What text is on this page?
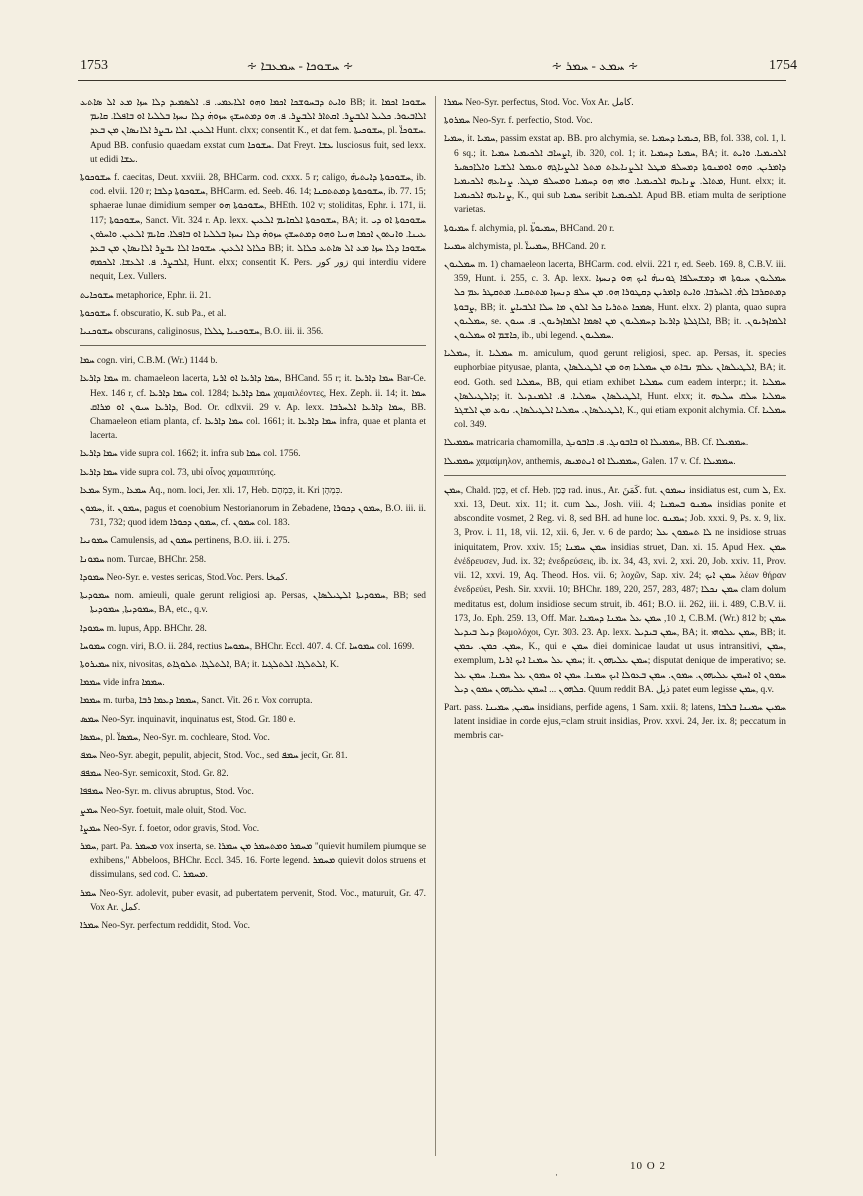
1753	∻ ܚܫܘܟܐ - ܚܡܥܒܐ ∻	∻ ܚܡܥ - ܚܡܪ ∻	1754

ܘܐܝܬ ܕܒܚܘܫܟܐ ܐܟܡܐ ܘܗܘ ܐܠܐܥܡܝ. ܦ. ܐܠܣܡܝܕ ܕܠܐ ܚܙܐ ܡܥ ܐܠ ܣܐܬܥ BB; it. ܚܫܘܟܐ ܐܟܡܐ ܐܠܐܒܝܘܪ. ܟܠܝܠ ܐܠܒܨܪ. ܐܩܬܐܪ ܐܠܒܨܪ. ܦ. ܗܘ ܕܡܬܚܫܟ ܚܙܘܗ̇ ܕܠܐ ܢܚܙܐ ܒܠܠܝܐ ܐܘ ܒܐܦܠܐ. ܩܐܝܡ ܐܠܥܝܢ. ܐܠܐ ܝܒܨܪ ܐܠܐܢܣܐܢ ܡܢ ܒܥܕ Hunt. clxx; consentit K., et dat fem. ܚܫܘܟܝܬܐ, pl. ܚܫܘܟܐ̈. Apud BB. confusio quaedam exstat cum ܚܫܘܟܐ. Dat Freyt. ܥܫܐ lusciosus fuit, sed lexx. ut edidi ܥܫܐ.

ܚܫܘܟܘܬܐ f. caecitas, Deut. xxviii. 28, BHCarm. cod. cxxx. 5 r; caligo, ܚܫܘܟܘܬܐ ܕܐܝܬܝܗ̇, ib. cod. elvii. 120 r; ܚܫܘܟܘܬܐ ܕܠܒܐ, BHCarm. ed. Seeb. 46. 14; ܚܫܘܟܘܬܐ ܕܡܬܬܩܢܐ, ib. 77. 15; sphaerae lunae dimidium semper ܚܫܘܟܘܬܐ ܗܘ, BHEth. 102 v; stoliditas, Ephr. i. 171, ii. 117; ܚܫܘܟܘܬܐ, Sanct. Vit. 324 r. Ap. lexx. ܚܫܘܟܘܬܐ ܐܠܩܐܝܡ ܐܠܥܝܢ, BA; it. ܚܫܘܟܘܬܐ ܐܘ ܕܝ ܥܝܢܐ. ܘܐܢܬܘܢ ܐܟܡܐ ܗܢܝܐ ܘܗܘ ܕܡܬܚܫܟ ܚܙܘܗ̇ ܕܠܐ ܢܚܙܐ ܒܠܠܝܐ ܐܘ ܒܐܦܠܐ. ܩܐܝܡ ܐܠܥܝܢ. ܘܐܚܪܘܢ ܟܠܐܠ ܐܠܥܝܢ. ܚܫܘܟܐ ܐܠܐ ܝܒܨܪ ܐܠܐܢܣܐܢ ܡܢ ܒܥܕ BB; it. ܚܫܘܟܐ ܕܠܐ ܚܙܐ ܡܥ ܐܠ ܣܐܬܥ ܟܠܐܠ ܐܠܒܨܪ. ܦ. ܐܠܥܫܐ. ܐܠܟܡܗ, Hunt. elxx; consentit K. Pers. زور كور qui interdiu videre nequit, Lex. Vullers.

ܚܫܘܟܐܝܬ metaphorice, Ephr. ii. 21.

ܚܫܘܟܘܬܐ f. obscuratio, K. sub Pa., et al.

ܚܫܘܟܢܝܐ obscurans, caliginosus, ܚܫܘܟܢܝܐ ܛܠܠܐ, B.O. iii. ii. 356.

ܚܡܐ cogn. viri, C.B.M. (Wr.) 1144 b.

ܚܡܐ ܕܐܪܥܐ m. chamaeleon lacerta, ܚܡܐ ܕܐܪܥܐ ܐܘ ܐܪܝܐ, BHCand. 55 r; it. ܚܡܐ ܕܐܪܥܐ Bar-Ce. Hex. 146 r, cf. ܚܡܐ ܕܐܪܥܐ col. 1284; ܚܡܐ ܕܐܪܥܐ χαμαιλέοντες, Hex. Zeph. ii. 14; it. ܚܡܐ ܕܐܪܥܐ ܚܝܘܢ ܐܘ ܡܪܐܩ, Bod. Or. cdlxvii. 29 v. Ap. lexx. ܚܡܐ ܕܐܪܥܐ ܐܠܚܪܒܐ, BB. Chamaeleon etiam planta, cf. ܚܡܐ ܕܐܪܥܐ col. 1661; it. ܚܡܐ ܕܐܪܥܐ infra, quae et planta et lacerta.

ܚܡܐ ܕܐܪܥܐ vide supra col. 1662; it. infra sub ܚܡܐ col. 1756.

ܚܡܐ ܕܐܪܥܐ vide supra col. 73, ubi οἶνος χαμαιπιτύης.

ܚܡܥܐ Sym., ܚܡܥܐ Aq., nom. loci, Jer. xli. 17, Heb. כִּמְהָם, it. Kri כִּמְהָן.

ܚܡܘܢ, it. ܚܡܘܢ, pagus et coenobium Nestorianorum in Zebadene, ܚܡܘܢ ܕܟܘܪܐ, B.O. iii. ii. 731, 732; quod idem ܚܡܘܢ ܕܟܘܪܐ, cf. ܚܡܘܢ col. 183.

ܚܡܘܢܝܐ Camulensis, ad ܚܡܘܢ pertinens, B.O. iii. i. 275.

ܚܡܘܢܐ nom. Turcae, BHChr. 258.

ܚܡܘܕܐ Neo-Syr. e. vestes sericas, Stod.Voc. Pers. كمخا.

ܚܡܘܕܝܬܐ nom. amieuli, quale gerunt religiosi ap. Persas, ܚܡܘܕܝܬܐ ܐܠܛܝܠܣܐܢ, BB; sed ܚܡܘܕܝܬܐ, ܚܡܘܕܝܬܐ, BA, etc., q.v.

ܚܡܘܕܐ m. lupus, App. BHChr. 28.

ܚܡܘܚܐ cogn. viri, B.O. ii. 284, rectius ܚܡܘܚܐ, BHChr. Eccl. 407. 4. Cf. ܚܡܘܚܐ col. 1699.

ܚܡܝܪܘܬܐ nix, nivositas, ܐܠܬܠܓܐ. ܬܠܘܓܐܬ, BA; it. ܐܠܬܠܓܐ. ܐܠܬܠܓܝܐ, K.

ܚܡܡܐ vide infra ܚܡܡܐ.

ܚܡܡܐ m. turba, ܚܡܡܐ ܕܥܡܐ ܪܒܐ, Sanct. Vit. 26 r. Vox corrupta.

ܚܡܣ Neo-Syr. inquinavit, inquinatus est, Stod. Gr. 180 e.

ܚܡܣܐ, pl. ܚܡܣܐ̈, Neo-Syr. m. cochleare, Stod. Voc.

ܚܡܦ Neo-Syr. abegit, pepulit, abjecit, Stod. Voc., sed ܚܡܦ jecit, Gr. 81.

ܚܡܦܦ Neo-Syr. semicoxit, Stod. Gr. 82.

ܚܡܦܦܐ Neo-Syr. m. clivus abruptus, Stod. Voc.

ܚܡܨ Neo-Syr. foetuit, male oluit, Stod. Voc.

ܚܡܨܐ Neo-Syr. f. foetor, odor gravis, Stod. Voc.

ܚܡܪ, part. Pa. ܡܚܡܪ vox inserta, se. ܡܚܡܪ ܘܡܬܚܡܪ ܡܢ ܚܡܪܐ "quievit humilem piumque se exhibens," Abbeloos, BHChr. Eccl. 345. 16. Forte legend. ܡܚܡܪ quievit dolos struens et dissimulans, sed cod. C. ܡܚܡܪ.

ܚܡܪ Neo-Syr. adolevit, puber evasit, ad pubertatem pervenit, Stod. Voc., maturuit, Gr. 47. Vox Ar. كمل.

ܚܡܪܐ Neo-Syr. perfectum reddidit, Stod. Voc.

ܚܡܪܐ Neo-Syr. perfectus, Stod. Voc. Vox Ar. كامل.

ܚܡܪܘܬܐ Neo-Syr. f. perfectio, Stod. Voc.

ܚܡܝܐ, it. ܚܡܝܐ, passim exstat ap. BB. pro alchymia, se. ܟܝܡܝܐ ܕܚܡܝܐ, BB, fol. 338, col. 1, l. 6 sq.; it. ܐܨܚܐܒ ܐܠܟܝܡܝܐ ܚܡܝܐ, ib. 320, col. 1; it. ܚܡܝܐ ܕܚܡܝܐ, BA; it. ܐܠܟܝܡܝܐ. ܘܐܝܬ ܕܐܡܪܝܢ. ܘܗܘ ܐܘܡܢܘܬܐ ܕܡܚܠܦ ܡܛܠ ܐܠܨܢܐܥܐܬ ܡܬܠ ܐܠܨܝܐܓܗ ܘܥܡܠ ܐܠܫܝܐ ܘܐܠܐܟܣܝܪ ܡܬܐܠ. ܨܢܐܥܗ ܐܠܟܝܡܝܐ. ܘܗܝ ܗܘ ܕܚܡܝܐ ܘܡܚܠܦ ܡܛܠ. ܨܢܐܥܗ ܐܠܟܝܡܝܐ, Hunt. elxx; it. ܨܢܐܥܗ ܐܠܟܝܡܝܐ, K., qui sub ܚܡܝܐ seribit ܐܠܟܝܡܝܐ. Apud BB. etiam multa de seriptione varietas.

ܚܡܝܘܬܐ f. alchymia, pl. ܚܡܝܘܬܐ̈, BHCand. 20 r.

ܚܡܝܝܐ alchymista, pl. ܚܡܝܝܐ̈, BHCand. 20 r.

ܚܡܠܝܘܢ m. 1) chamaeleon lacerta, BHCarm. cod. elvii. 221 r, ed. Seeb. 169. 8, C.B.V. iii. 359, Hunt. i. 255, c. 3. Ap. lexx. ܚܡܠܝܘܢ ܚܝܘܬܐ ܗܝ ܕܡܫܚܠܦܐ ܓܘܢܝܗ̇ ܐܝܟ ܗܘ ܕܢܚܙܐ ܕܡܬܩܪܒܐ ܠܗ̇. ܐܠܚܪܒܐ. ܘܐܝܬ ܕܐܡܪܝܢ ܕܩܛܘܪܐ ܗܘ. ܡܢ ܚܠܦ ܕܢܚܙܐ ܡܬܬܩܢܐ. ܡܬܩܛܪ ܥܡ ܟܠ ܨܒܘܬܐ, BB; it. ܣܡܟܐ ܬܬܪܝܐ ܟܠ ܐܠܘܢ ܡܐ ܚܠܐ ܐܠܒܝܐܨ, Hunt. elxx. 2) planta, quao supra ܚܡܠܝܘܢ, se. ܐܠܐܓܠܬܐ ܕܐܪܥܐ ܕܚܡܠܝܘܢ ܡܢ ܐܣܡܐ ܐܠܡܐܙܪܝܘܢ. ܦ. ܚܝܘܢ, BB; it. ܐܠܡܐܙܪܝܘܢ. ܟܐܫܡ ܐܘ ܚܡܠܝܘܢ, ib., ubi legend. ܚܡܠܝܘܢ.

ܚܡܠܝܐ, it. ܚܡܠܝܐ m. amiculum, quod gerunt religiosi, spec. ap. Persas, it. species euphorbiae pityusae, planta, ܐܠܛܝܠܣܐܢ ܥܠܡ ܢܒܐܬ ܡܢ ܚܡܠܝܐ ܗܘ ܡܢ ܐܠܛܝܠܣܐܢ, BA; it. eod. Goth. sed ܚܡܠܝܐ, BB, qui etiam exhibet ܚܡܠܝܐ cum eadem interpr.; it. ܚܡܠܝܐ ܕܐܠܛܝܠܣܐܢ; it. ܐܠܛܝܠܣܐܢ ܚܡܠܝܐ. ܦ. ܐܠܡܢܕܝܠ, Hunt. elxx; it. ܚܡܠܝܐ ܚܠܩ ܚܠܥܗ ܐܠܛܝܠܣܐܢ. ܚܡܠܝܐ ܐܠܛܝܠܣܐܢ. ܢܘܥ ܡܢ ܐܠܫܓܪ, K., qui etiam exponit alchymia. Cf. ܚܡܠܝܐ col. 349.

ܚܡܡܝܠܐ matricaria chamomilla, ܚܡܡܝܠܐ ܐܘ ܒܐܒܘܢܓ. ܦ. ܒܐܒܘܢܓ, BB. Cf. ܚܡܡܝܠܐ.

ܚܡܡܝܠܐ χαμαίμηλον, anthemis, ܚܡܡܝܠܐ ܐܘ ܐܢܬܡܝܣ, Galen. 17 v. Cf. ܚܡܡܝܠܐ.

ܚܡܢ, Chald. כְּמַן, et cf. Heb. כָּמַן rad. inus., Ar. كَمَنَ. fut. ܢܚܡܘܢ insidiatus est, cum ܠ, Ex. xxi. 13, Deut. xix. 11; it. cum ܥܠ, Josh. viii. 4; ܚܡܢܘ ܒܚܡܢܐ insidias ponite et abscondite vosmet, 2 Reg. vi. 8, sed BH. ad hune loc. ܚܡܢܘ; Job. xxxi. 9, Ps. x. 9, lix. 3, Prov. i. 11, 18, vii. 12, xii. 6, Jer. v. 6 de pardo; ܠܐ ܬܚܡܘܢ ܥܠ ne insidiose struas iniquitatem, Prov. xxiv. 15; ܚܡܢ ܚܡܢܐ insidias struet, Dan. xi. 15. Apud Hex. ܚܡܢ ἐνέδρευσεν, Jud. ix. 32; ἐνεδρεύσεις, ib. ix. 34, 43, xvi. 2, xxi. 20, Job. xxiv. 11, Prov. vii. 12, xxvi. 19, Aq. Theod. Hos. vii. 6; λοχῶν, Sap. xiv. 24; ܚܡܢ ܐܝܟ λέων θήραν ἐνεδρεύει, Pesh. Sir. xxvii. 10; BHChr. 189, 220, 257, 283, 487; ܚܡܢ ܢܟܠܐ clam dolum meditatus est, dolum insidiose secum struit, ib. 461; B.O. ii. 262, iii. i. 489, C.B.V. ii. 173, Jo. Eph. 259. 13, Off. Mar. ܐ. 10, ܚܡܢ ܥܠ ܚܡܢܐ ܕܚܡܢܐ, C.B.M. (Wr.) 812 b; ܚܡܢ ܕܝܠ ܒܝܕܝܠ βωμολόχοι, Cyr. 303. 23. Ap. lexx. ܚܡܢ ܒܝܕܝܠ, BA; it. ܚܡܢ ܥܠܘܗܝ, BB; it. ܚܡܢ. ܟܡܢ. ܝܟܡܢ, K., qui e ܚܡܢ diei dominicae laudat ut usus intransitivi, ܚܡܢ, exemplum, ܚܡܢ ܥܠ ܚܡܢܐ ܐܝܟ ܐܪܝܐ; it. ܚܡܢ ܥܠܝܗܘܢ; disputat denique de imperativo; se. ܚܡܘܢ ܐܘ ܐܚܡܢ ܥܠܝܗܘܢ. ܚܡܘܢ. ܚܡܢ ܒܥܘܠܐ ܐܝܟ ܚܡܢܐ. ܚܡܢ ܐܘ ܚܡܘܢ ܥܠ ܚܡܢܐ. ܚܡܢ ܥܠ ܟܠܗܘܢ ... ܐܚܡܢ ܥܠܝܗܘܢ ܚܡܘܢ ܕܝܠ. Quum reddit BA. ذيل patet eum legisse ܚܡܢ, q.v.

Part. pass. ܚܡܝܢ, ܚܡܝܢܐ insidians, perfide agens, 1 Sam. xxii. 8; latens, ܚܡܝܢ ܚܡܝܢܐ ܒܠܒܐ latent insidiae in corde ejus,=clam struit insidias, Prov. xxvi. 24, Jer. ix. 8; peccatum in membris car-

·
10 O 2
